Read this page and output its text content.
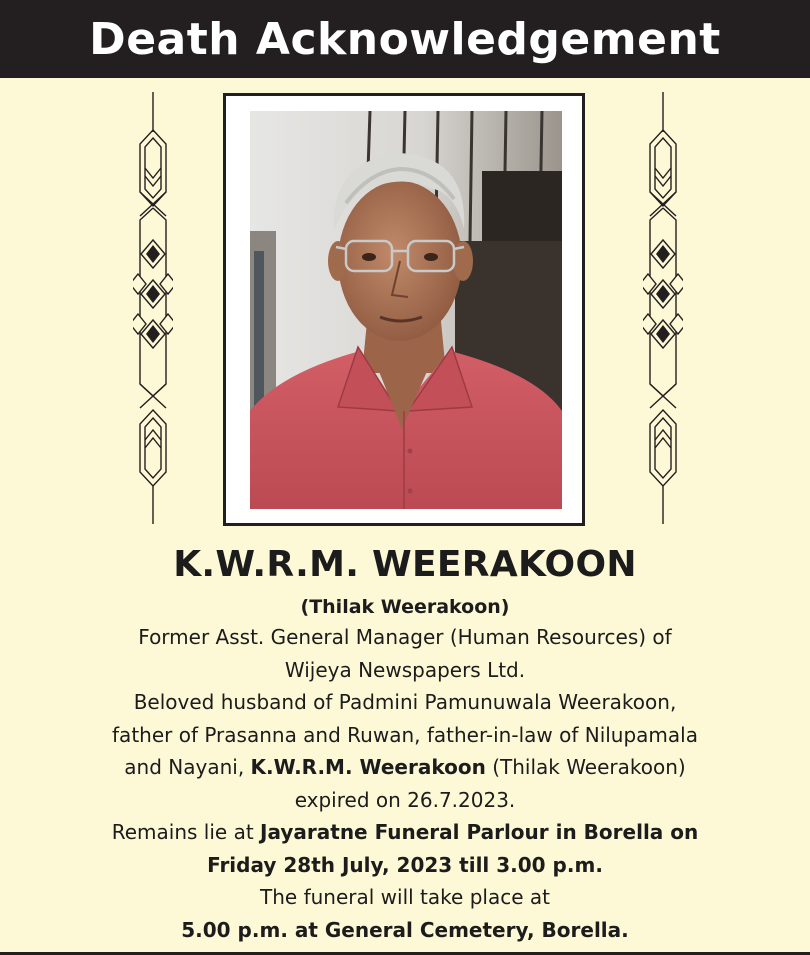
Death Acknowledgement
K.W.R.M. WEERAKOON
(Thilak Weerakoon)
Former Asst. General Manager (Human Resources) of
Wijeya Newspapers Ltd.
Beloved husband of Padmini Pamunuwala Weerakoon,
father of Prasanna and Ruwan, father-in-law of Nilupamala
and Nayani, K.W.R.M. Weerakoon (Thilak Weerakoon)
expired on 26.7.2023.
Remains lie at Jayaratne Funeral Parlour in Borella on
Friday 28th July, 2023 till 3.00 p.m.
The funeral will take place at
5.00 p.m. at General Cemetery, Borella.
